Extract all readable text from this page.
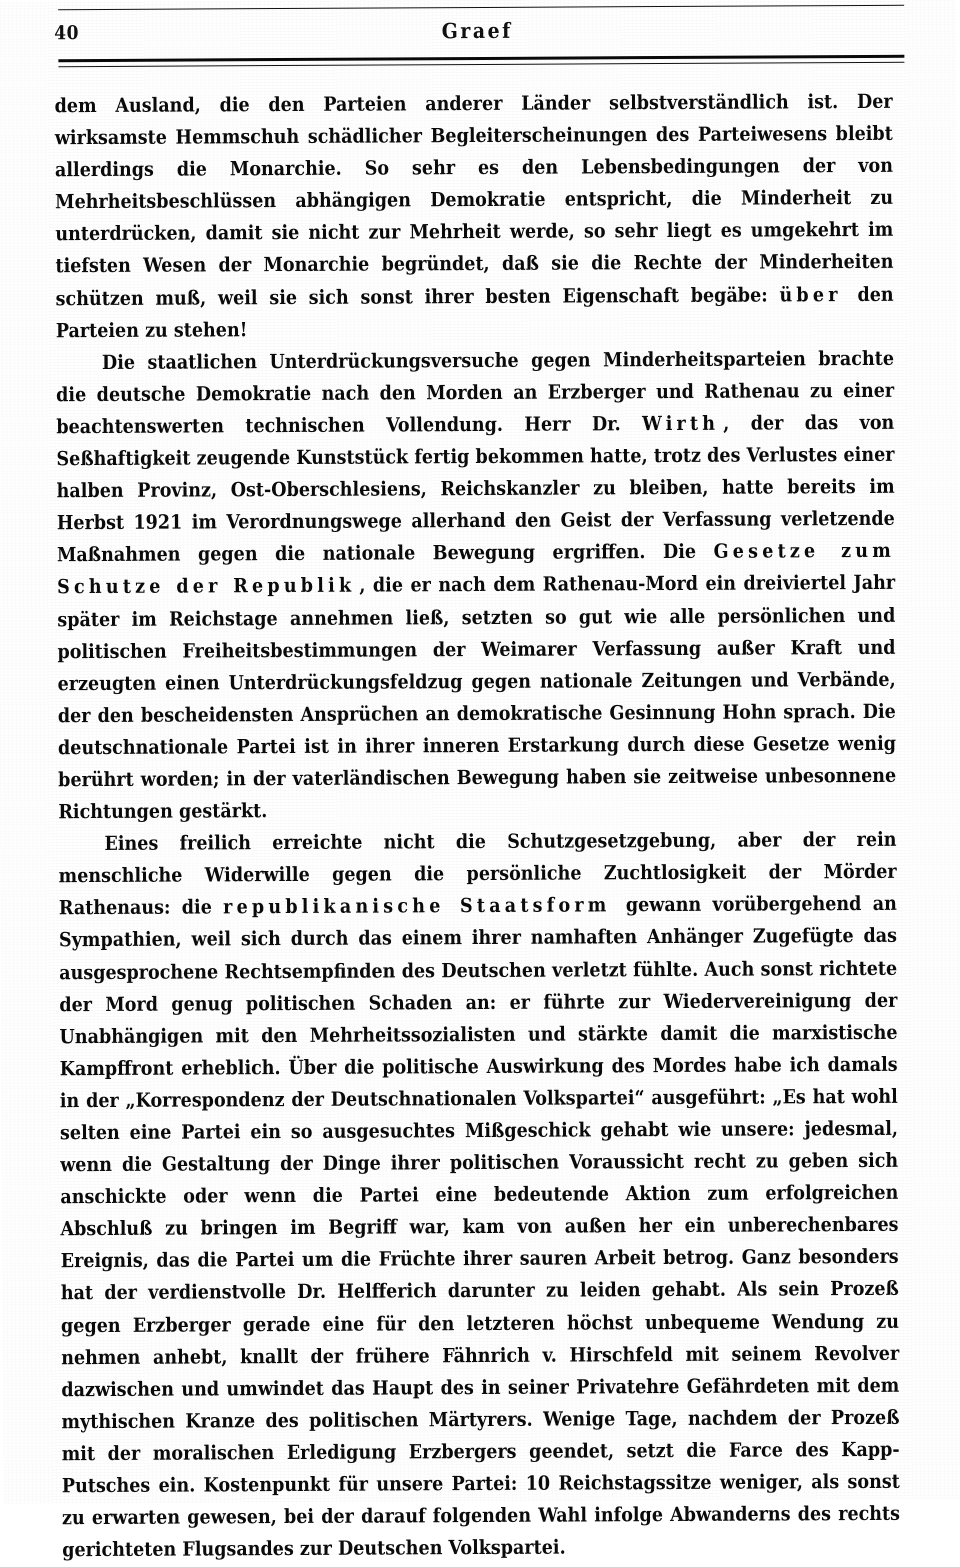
40	Graef

dem Ausland, die den Parteien anderer Länder selbstverständlich ist. Der wirksamste Hemmschuh schädlicher Begleiterscheinungen des Parteiwesens bleibt allerdings die Monarchie. So sehr es den Lebensbedingungen der von Mehrheitsbeschlüssen abhängigen Demokratie entspricht, die Minderheit zu unterdrücken, damit sie nicht zur Mehrheit werde, so sehr liegt es umgekehrt im tiefsten Wesen der Monarchie begründet, daß sie die Rechte der Minderheiten schützen muß, weil sie sich sonst ihrer besten Eigenschaft begäbe: über den Parteien zu stehen!

Die staatlichen Unterdrückungsversuche gegen Minderheitsparteien brachte die deutsche Demokratie nach den Morden an Erzberger und Rathenau zu einer beachtenswerten technischen Vollendung. Herr Dr. Wirth , der das von Seßhaftigkeit zeugende Kunststück fertig bekommen hatte, trotz des Verlustes einer halben Provinz, Ost-Oberschlesiens, Reichskanzler zu bleiben, hatte bereits im Herbst 1921 im Verordnungswege allerhand den Geist der Verfassung verletzende Maßnahmen gegen die nationale Bewegung ergriffen. Die Gesetze zum Schutze der Republik , die er nach dem Rathenau-Mord ein dreiviertel Jahr später im Reichstage annehmen ließ, setzten so gut wie alle persönlichen und politischen Freiheitsbestimmungen der Weimarer Verfassung außer Kraft und erzeugten einen Unterdrückungsfeldzug gegen nationale Zeitungen und Verbände, der den bescheidensten Ansprüchen an demokratische Gesinnung Hohn sprach. Die deutschnationale Partei ist in ihrer inneren Erstarkung durch diese Gesetze wenig berührt worden; in der vaterländischen Bewegung haben sie zeitweise unbesonnene Richtungen gestärkt.

Eines freilich erreichte nicht die Schutzgesetzgebung, aber der rein menschliche Widerwille gegen die persönliche Zuchtlosigkeit der Mörder Rathenaus: die republikanische Staatsform gewann vorübergehend an Sympathien, weil sich durch das einem ihrer namhaften Anhänger Zugefügte das ausgesprochene Rechtsempfinden des Deutschen verletzt fühlte. Auch sonst richtete der Mord genug politischen Schaden an: er führte zur Wiedervereinigung der Unabhängigen mit den Mehrheitssozialisten und stärkte damit die marxistische Kampffront erheblich. Über die politische Auswirkung des Mordes habe ich damals in der „Korrespondenz der Deutschnationalen Volkspartei“ ausgeführt: „Es hat wohl selten eine Partei ein so ausgesuchtes Mißgeschick gehabt wie unsere: jedesmal, wenn die Gestaltung der Dinge ihrer politischen Voraussicht recht zu geben sich anschickte oder wenn die Partei eine bedeutende Aktion zum erfolgreichen Abschluß zu bringen im Begriff war, kam von außen her ein unberechenbares Ereignis, das die Partei um die Früchte ihrer sauren Arbeit betrog. Ganz besonders hat der verdienstvolle Dr. Helfferich darunter zu leiden gehabt. Als sein Prozeß gegen Erzberger gerade eine für den letzteren höchst unbequeme Wendung zu nehmen anhebt, knallt der frühere Fähnrich v. Hirschfeld mit seinem Revolver dazwischen und umwindet das Haupt des in seiner Privatehre Gefährdeten mit dem mythischen Kranze des politischen Märtyrers. Wenige Tage, nachdem der Prozeß mit der moralischen Erledigung Erzbergers geendet, setzt die Farce des Kapp-Putsches ein. Kostenpunkt für unsere Partei: 10 Reichstagssitze weniger, als sonst zu erwarten gewesen, bei der darauf folgenden Wahl infolge Abwanderns des rechts gerichteten Flugsandes zur Deutschen Volkspartei.
